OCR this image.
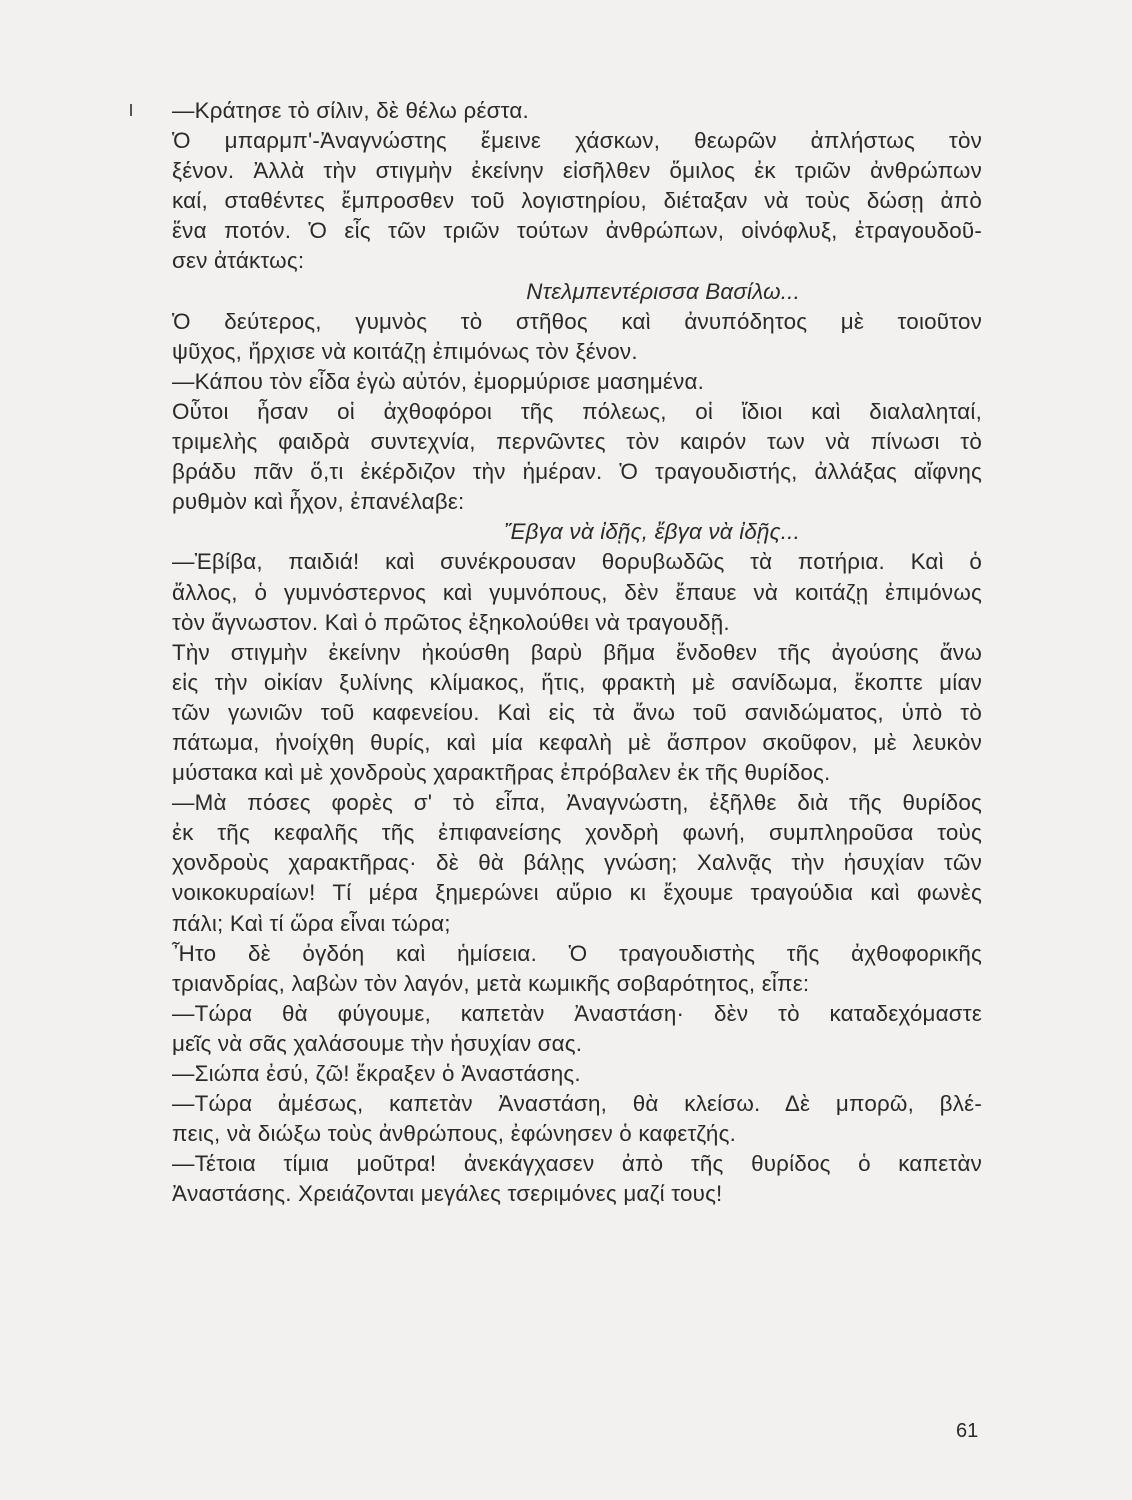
—Κράτησε τὸ σίλιν, δὲ θέλω ρέστα.
Ὁ μπαρμπ'-Ἀναγνώστης ἔμεινε χάσκων, θεωρῶν ἀπλήστως τὸν
ξένον. Ἀλλὰ τὴν στιγμὴν ἐκείνην εἰσῆλθεν ὅμιλος ἐκ τριῶν ἀνθρώπων
καί, σταθέντες ἔμπροσθεν τοῦ λογιστηρίου, διέταξαν νὰ τοὺς δώσῃ ἀπὸ
ἕνα ποτόν. Ὁ εἷς τῶν τριῶν τούτων ἀνθρώπων, οἰνόφλυξ, ἐτραγουδοῦ-
σεν ἀτάκτως:
Ντελμπεντέρισσα Βασίλω...
Ὁ δεύτερος, γυμνὸς τὸ στῆθος καὶ ἀνυπόδητος μὲ τοιοῦτον
ψῦχος, ἤρχισε νὰ κοιτάζῃ ἐπιμόνως τὸν ξένον.
—Κάπου τὸν εἶδα ἐγὼ αὐτόν, ἐμορμύρισε μασημένα.
Οὗτοι ἦσαν οἱ ἀχθοφόροι τῆς πόλεως, οἱ ἴδιοι καὶ διαλαληταί,
τριμελὴς φαιδρὰ συντεχνία, περνῶντες τὸν καιρόν των νὰ πίνωσι τὸ
βράδυ πᾶν ὅ,τι ἐκέρδιζον τὴν ἡμέραν. Ὁ τραγουδιστής, ἀλλάξας αἴφνης
ρυθμὸν καὶ ἦχον, ἐπανέλαβε:
Ἔβγα νὰ ἰδῇς, ἔβγα νὰ ἰδῇς...
—Ἐβίβα, παιδιά! καὶ συνέκρουσαν θορυβωδῶς τὰ ποτήρια. Καὶ ὁ
ἄλλος, ὁ γυμνόστερνος καὶ γυμνόπους, δὲν ἔπαυε νὰ κοιτάζῃ ἐπιμόνως
τὸν ἄγνωστον. Καὶ ὁ πρῶτος ἐξηκολούθει νὰ τραγουδῇ.
Τὴν στιγμὴν ἐκείνην ἠκούσθη βαρὺ βῆμα ἔνδοθεν τῆς ἀγούσης ἄνω
εἰς τὴν οἰκίαν ξυλίνης κλίμακος, ἥτις, φρακτὴ μὲ σανίδωμα, ἔκοπτε μίαν
τῶν γωνιῶν τοῦ καφενείου. Καὶ εἰς τὰ ἄνω τοῦ σανιδώματος, ὑπὸ τὸ
πάτωμα, ἠνοίχθη θυρίς, καὶ μία κεφαλὴ μὲ ἄσπρον σκοῦφον, μὲ λευκὸν
μύστακα καὶ μὲ χονδροὺς χαρακτῆρας ἐπρόβαλεν ἐκ τῆς θυρίδος.
—Μὰ πόσες φορὲς σ' τὸ εἶπα, Ἀναγνώστη, ἐξῆλθε διὰ τῆς θυρίδος
ἐκ τῆς κεφαλῆς τῆς ἐπιφανείσης χονδρὴ φωνή, συμπληροῦσα τοὺς
χονδροὺς χαρακτῆρας· δὲ θὰ βάλῃς γνώση; Χαλνᾷς τὴν ἡσυχίαν τῶν
νοικοκυραίων! Τί μέρα ξημερώνει αὔριο κι ἔχουμε τραγούδια καὶ φωνὲς
πάλι; Καὶ τί ὥρα εἶναι τώρα;
Ἦτο δὲ ὀγδόη καὶ ἡμίσεια. Ὁ τραγουδιστὴς τῆς ἀχθοφορικῆς
τριανδρίας, λαβὼν τὸν λαγόν, μετὰ κωμικῆς σοβαρότητος, εἶπε:
—Τώρα θὰ φύγουμε, καπετὰν Ἀναστάση· δὲν τὸ καταδεχόμαστε
μεῖς νὰ σᾶς χαλάσουμε τὴν ἡσυχίαν σας.
—Σιώπα ἐσύ, ζῶ! ἔκραξεν ὁ Ἀναστάσης.
—Τώρα ἀμέσως, καπετὰν Ἀναστάση, θὰ κλείσω. Δὲ μπορῶ, βλέ-
πεις, νὰ διώξω τοὺς ἀνθρώπους, ἐφώνησεν ὁ καφετζής.
—Τέτοια τίμια μοῦτρα! ἀνεκάγχασεν ἀπὸ τῆς θυρίδος ὁ καπετὰν
Ἀναστάσης. Χρειάζονται μεγάλες τσεριμόνες μαζί τους!
61
